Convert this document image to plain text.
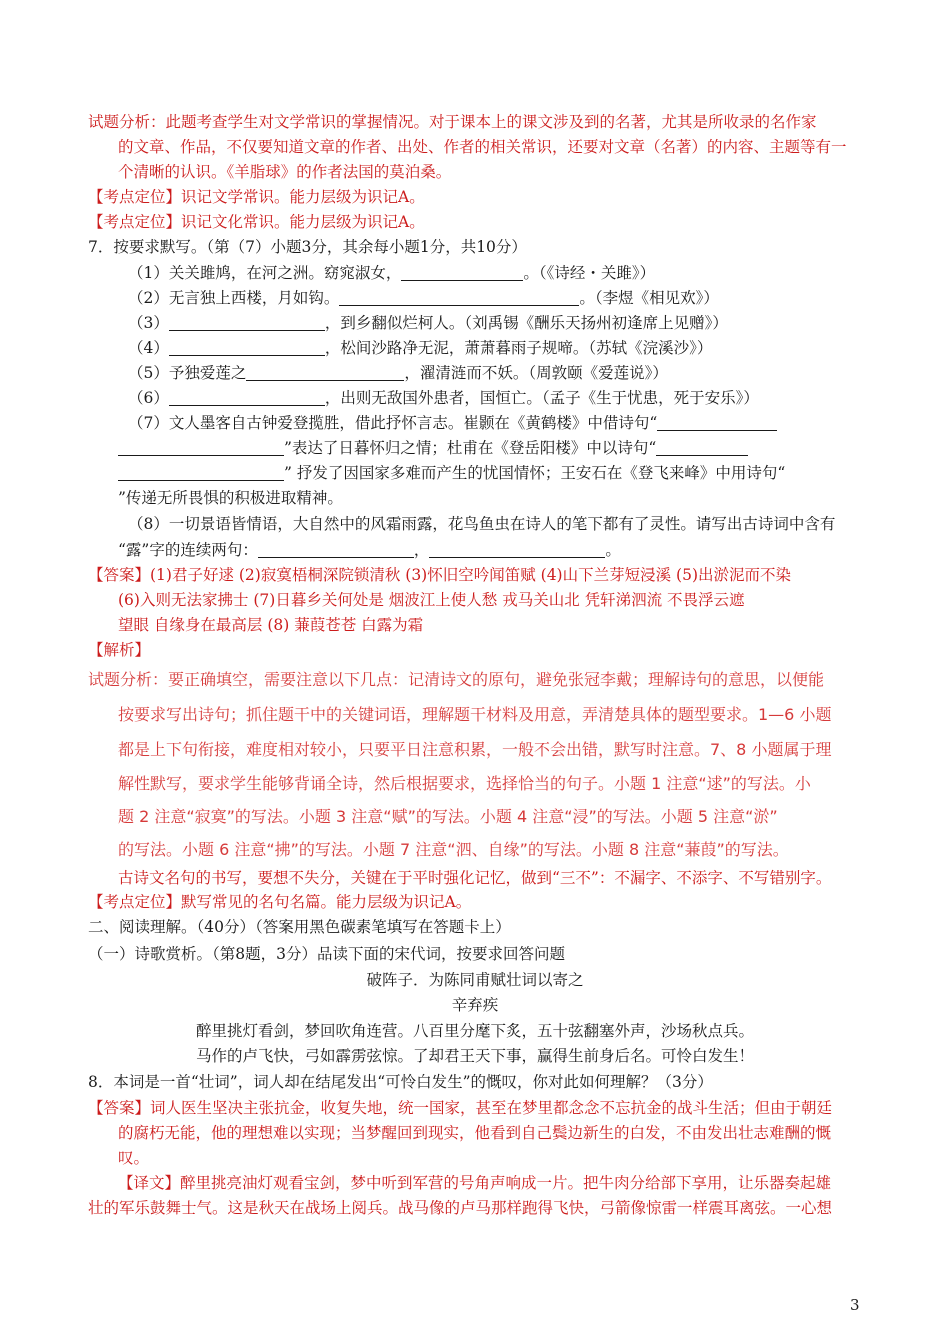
试题分析：此题考查学生对文学常识的掌握情况。对于课本上的课文涉及到的名著，尤其是所收录的名作家
的文章、作品，不仅要知道文章的作者、出处、作者的相关常识，还要对文章（名著）的内容、主题等有一
个清晰的认识。《羊脂球》的作者法国的莫泊桑。
【考点定位】识记文学常识。能力层级为识记A。
【考点定位】识记文化常识。能力层级为识记A。
7．按要求默写。（第（7）小题3分，其余每小题1分，共10分）
（1）关关雎鸠，在河之洲。窈窕淑女，	。（《诗经・关雎》）
（2）无言独上西楼，月如钩。	。（李煜《相见欢》）
（3）	，到乡翻似烂柯人。（刘禹锡《酬乐天扬州初逢席上见赠》）
（4）	，松间沙路净无泥，萧萧暮雨子规啼。（苏轼《浣溪沙》）
（5）予独爱莲之	，濯清涟而不妖。（周敦颐《爱莲说》）
（6）	，出则无敌国外患者，国恒亡。（孟子《生于忧患，死于安乐》）
（7）文人墨客自古钟爱登揽胜，借此抒怀言志。崔颢在《黄鹤楼》中借诗句“
”表达了日暮怀归之情；杜甫在《登岳阳楼》中以诗句“
” 抒发了因国家多难而产生的忧国情怀；王安石在《登飞来峰》中用诗句“
”传递无所畏惧的积极进取精神。
（8）一切景语皆情语，大自然中的风霜雨露，花鸟鱼虫在诗人的笔下都有了灵性。请写出古诗词中含有
“露”字的连续两句：	，	。
【答案】(1)君子好逑 (2)寂寞梧桐深院锁清秋 (3)怀旧空吟闻笛赋 (4)山下兰芽短浸溪 (5)出淤泥而不染
(6)入则无法家拂士 (7)日暮乡关何处是 烟波江上使人愁 戎马关山北 凭轩涕泗流 不畏浮云遮
望眼 自缘身在最高层 (8) 蒹葭苍苍 白露为霜
【解析】
试题分析：要正确填空，需要注意以下几点：记清诗文的原句，避免张冠李戴；理解诗句的意思，以便能
按要求写出诗句；抓住题干中的关键词语，理解题干材料及用意，弄清楚具体的题型要求。1—6 小题
都是上下句衔接，难度相对较小，只要平日注意积累，一般不会出错，默写时注意。7、8 小题属于理
解性默写，要求学生能够背诵全诗，然后根据要求，选择恰当的句子。小题 1 注意“逑”的写法。小
题 2 注意“寂寞”的写法。小题 3 注意“赋”的写法。小题 4 注意“浸”的写法。小题 5 注意“淤”
的写法。小题 6 注意“拂”的写法。小题 7 注意“泗、自缘”的写法。小题 8 注意“蒹葭”的写法。
古诗文名句的书写，要想不失分，关键在于平时强化记忆，做到“三不”：不漏字、不添字、不写错别字。
【考点定位】默写常见的名句名篇。能力层级为识记A。
二、阅读理解。（40分）（答案用黑色碳素笔填写在答题卡上）
（一）诗歌赏析。（第8题，3分）品读下面的宋代词，按要求回答问题
破阵子．为陈同甫赋壮词以寄之
辛弃疾
醉里挑灯看剑，梦回吹角连营。八百里分麾下炙，五十弦翻塞外声，沙场秋点兵。
马作的卢飞快，弓如霹雳弦惊。了却君王天下事，赢得生前身后名。可怜白发生！
8．本词是一首“壮词”，词人却在结尾发出“可怜白发生”的慨叹，你对此如何理解？（3分）
【答案】词人医生坚决主张抗金，收复失地，统一国家，甚至在梦里都念念不忘抗金的战斗生活；但由于朝廷
的腐朽无能，他的理想难以实现；当梦醒回到现实，他看到自己鬓边新生的白发，不由发出壮志难酬的慨
叹。
【译文】醉里挑亮油灯观看宝剑，梦中听到军营的号角声响成一片。把牛肉分给部下享用，让乐器奏起雄
壮的军乐鼓舞士气。这是秋天在战场上阅兵。战马像的卢马那样跑得飞快，弓箭像惊雷一样震耳离弦。一心想
3
